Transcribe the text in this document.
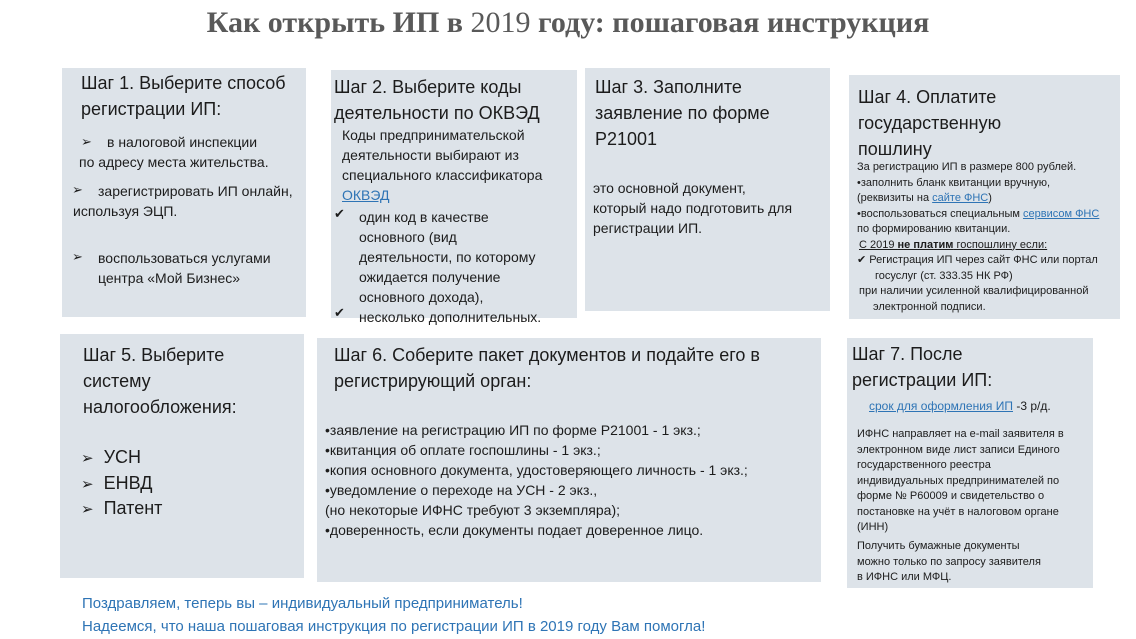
Как открыть ИП в 2019 году: пошаговая инструкция
Шаг 1. Выберите способ
регистрации ИП:
➢	в налоговой инспекции
по адресу места жительства.
➢	зарегистрировать ИП онлайн,
используя ЭЦП.
➢ воспользоваться услугами
центра «Мой Бизнес»
Шаг 2. Выберите коды
деятельности по ОКВЭД
Коды предпринимательской
деятельности выбирают из
специального классификатора
ОКВЭД
✔ один код в качестве
основного (вид
деятельности, по которому
ожидается получение
основного дохода),
✔ несколько дополнительных.
Шаг 3. Заполните
заявление по форме
Р21001
это основной документ,
который надо подготовить для
регистрации ИП.
Шаг 4. Оплатите
государственную
пошлину
За регистрацию ИП в размере 800 рублей.
•заполнить бланк квитанции вручную,
(реквизиты на сайте ФНС)
•воспользоваться специальным сервисом ФНС
по формированию квитанции.
С 2019 не платим госпошлину если:
✔ Регистрация ИП через сайт ФНС или портал
госуслуг (ст. 333.35 НК РФ)
при наличии усиленной квалифицированной
электронной подписи.
Шаг 5. Выберите
систему
налогообложения:
➢ УСН
➢ ЕНВД
➢ Патент
Шаг 6. Соберите пакет документов и подайте его в
регистрирующий орган:
•заявление на регистрацию ИП по форме Р21001 - 1 экз.;
•квитанция об оплате госпошлины - 1 экз.;
•копия основного документа, удостоверяющего личность - 1 экз.;
•уведомление о переходе на УСН - 2 экз.,
(но некоторые ИФНС требуют 3 экземпляра);
•доверенность, если документы подает доверенное лицо.
Шаг 7. После
регистрации ИП:
срок для оформления ИП -3 р/д.
ИФНС направляет на e-mail заявителя в
электронном виде лист записи Единого
государственного реестра
индивидуальных предпринимателей по
форме № Р60009 и свидетельство о
постановке на учёт в налоговом органе
(ИНН)
Получить бумажные документы
можно только по запросу заявителя
в ИФНС или МФЦ.
Поздравляем, теперь вы – индивидуальный предприниматель!
Надеемся, что наша пошаговая инструкция по регистрации ИП в 2019 году Вам помогла!
